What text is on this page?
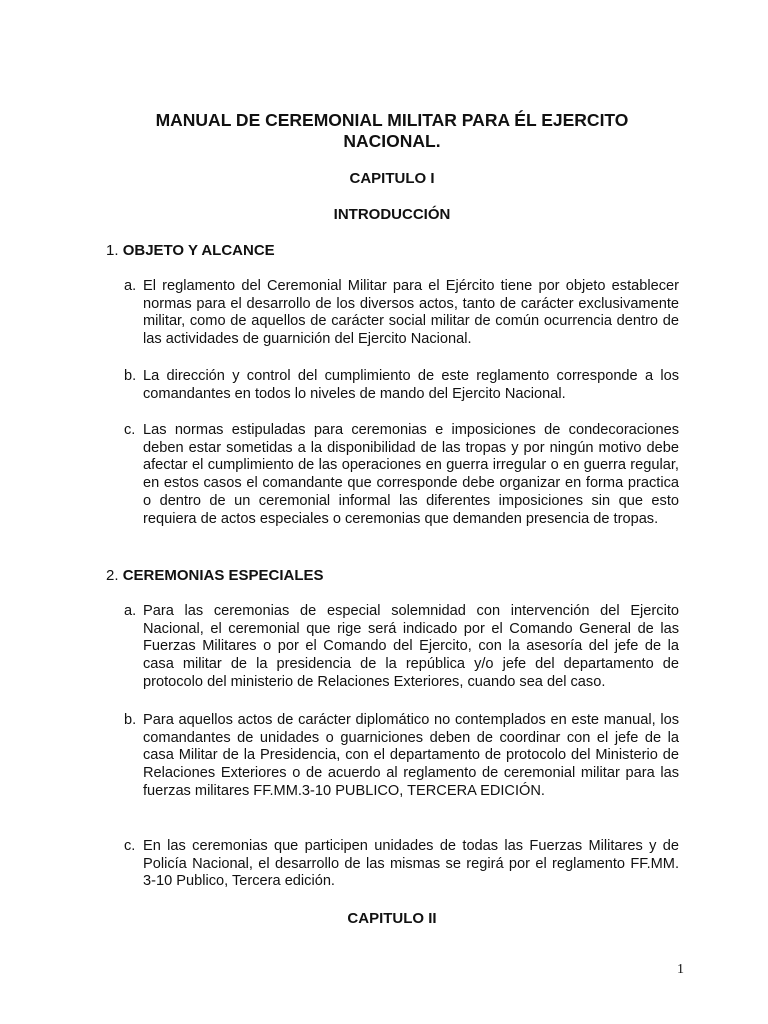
MANUAL DE CEREMONIAL MILITAR PARA ÉL EJERCITO
NACIONAL.
CAPITULO I
INTRODUCCIÓN
1. OBJETO Y ALCANCE
a. El reglamento del Ceremonial Militar para el Ejército tiene por objeto establecer normas para el desarrollo de los diversos actos, tanto de carácter exclusivamente militar, como de aquellos de carácter social militar de común ocurrencia dentro de las actividades de guarnición del Ejercito Nacional.
b. La dirección y control del cumplimiento de este reglamento corresponde a los comandantes en todos lo niveles de mando del Ejercito Nacional.
c. Las normas estipuladas para ceremonias e imposiciones de condecoraciones deben estar sometidas a la disponibilidad de las tropas y por ningún motivo debe afectar el cumplimiento de las operaciones en guerra irregular o en guerra regular, en estos casos el comandante que corresponde debe organizar en forma practica o dentro de un ceremonial informal las diferentes imposiciones sin que esto requiera de actos especiales o ceremonias que demanden presencia de tropas.
2. CEREMONIAS ESPECIALES
a. Para las ceremonias de especial solemnidad con intervención del Ejercito Nacional, el ceremonial que rige será indicado por el Comando General de las Fuerzas Militares o por el Comando del Ejercito, con la asesoría del jefe de la casa militar de la presidencia de la república y/o jefe del departamento de protocolo del ministerio de Relaciones Exteriores, cuando sea del caso.
b. Para aquellos actos de carácter diplomático no contemplados en este manual, los comandantes de unidades o guarniciones deben de coordinar con el jefe de la casa Militar de la Presidencia, con el departamento de protocolo del Ministerio de Relaciones Exteriores o de acuerdo al reglamento de ceremonial militar para las fuerzas militares FF.MM.3-10 PUBLICO, TERCERA EDICIÓN.
c. En las ceremonias que participen unidades de todas las Fuerzas Militares y de Policía Nacional, el desarrollo de las mismas se regirá por el reglamento FF.MM. 3-10 Publico, Tercera edición.
CAPITULO II
1
